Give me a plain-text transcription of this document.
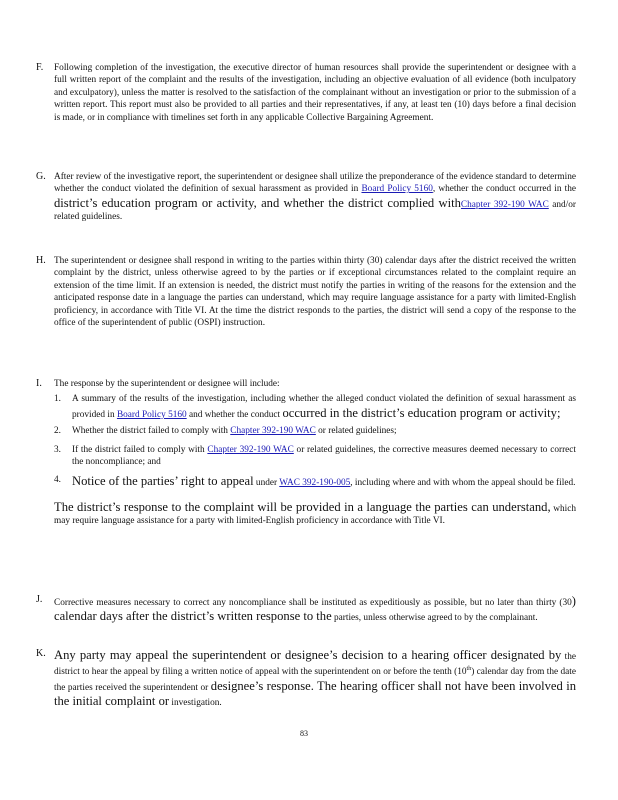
F. Following completion of the investigation, the executive director of human resources shall provide the superintendent or designee with a full written report of the complaint and the results of the investigation, including an objective evaluation of all evidence (both inculpatory and exculpatory), unless the matter is resolved to the satisfaction of the complainant without an investigation or prior to the submission of a written report. This report must also be provided to all parties and their representatives, if any, at least ten (10) days before a final decision is made, or in compliance with timelines set forth in any applicable Collective Bargaining Agreement.
G. After review of the investigative report, the superintendent or designee shall utilize the preponderance of the evidence standard to determine whether the conduct violated the definition of sexual harassment as provided in Board Policy 5160, whether the conduct occurred in the district’s education program or activity, and whether the district complied withChapter 392-190 WAC and/or related guidelines.
H. The superintendent or designee shall respond in writing to the parties within thirty (30) calendar days after the district received the written complaint by the district, unless otherwise agreed to by the parties or if exceptional circumstances related to the complaint require an extension of the time limit. If an extension is needed, the district must notify the parties in writing of the reasons for the extension and the anticipated response date in a language the parties can understand, which may require language assistance for a party with limited-English proficiency, in accordance with Title VI. At the time the district responds to the parties, the district will send a copy of the response to the office of the superintendent of public (OSPI) instruction.
I. The response by the superintendent or designee will include:
1. A summary of the results of the investigation, including whether the alleged conduct violated the definition of sexual harassment as provided in Board Policy 5160 and whether the conduct occurred in the district’s education program or activity;
2. Whether the district failed to comply with Chapter 392-190 WAC or related guidelines;
3. If the district failed to comply with Chapter 392-190 WAC or related guidelines, the corrective measures deemed necessary to correct the noncompliance; and
4. Notice of the parties’ right to appeal under WAC 392-190-005, including where and with whom the appeal should be filed.
The district’s response to the complaint will be provided in a language the parties can understand, which may require language assistance for a party with limited-English proficiency in accordance with Title VI.
J. Corrective measures necessary to correct any noncompliance shall be instituted as expeditiously as possible, but no later than thirty (30) calendar days after the district’s written response to the parties, unless otherwise agreed to by the complainant.
K. Any party may appeal the superintendent or designee’s decision to a hearing officer designated by the district to hear the appeal by filing a written notice of appeal with the superintendent on or before the tenth (10th) calendar day from the date the parties received the superintendent or designee’s response. The hearing officer shall not have been involved in the initial complaint or investigation.
83
